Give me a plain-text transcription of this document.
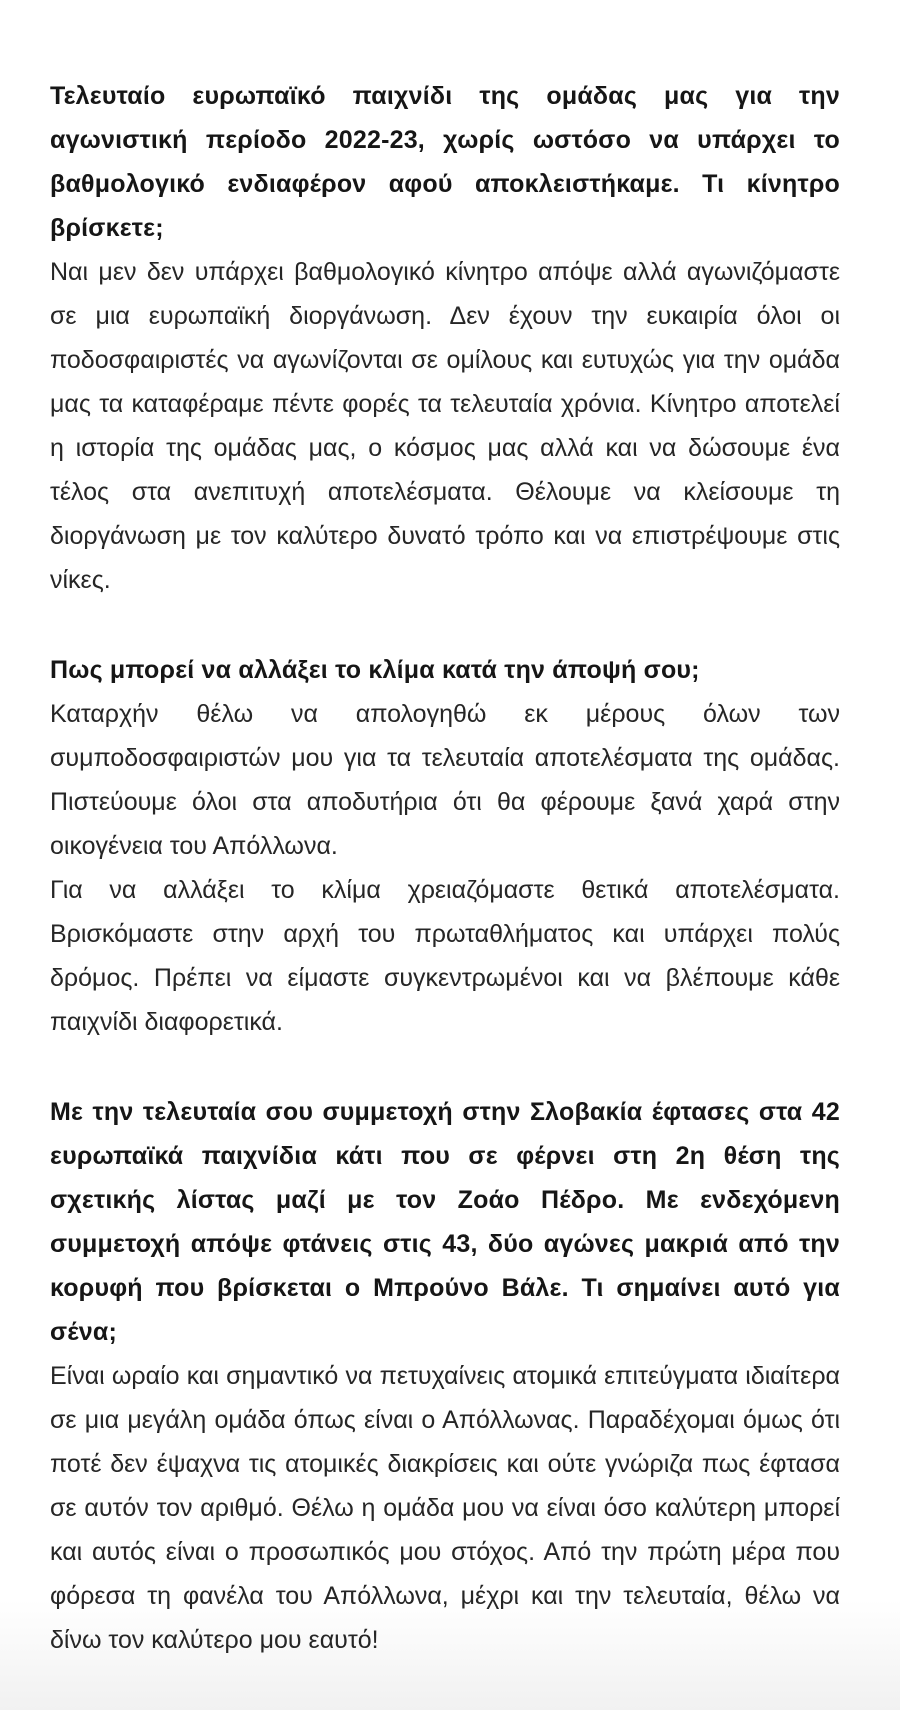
Τελευταίο ευρωπαϊκό παιχνίδι της ομάδας μας για την αγωνιστική περίοδο 2022-23, χωρίς ωστόσο να υπάρχει το βαθμολογικό ενδιαφέρον αφού αποκλειστήκαμε. Τι κίνητρο βρίσκετε;

Ναι μεν δεν υπάρχει βαθμολογικό κίνητρο απόψε αλλά αγωνιζόμαστε σε μια ευρωπαϊκή διοργάνωση. Δεν έχουν την ευκαιρία όλοι οι ποδοσφαιριστές να αγωνίζονται σε ομίλους και ευτυχώς για την ομάδα μας τα καταφέραμε πέντε φορές τα τελευταία χρόνια. Κίνητρο αποτελεί η ιστορία της ομάδας μας, ο κόσμος μας αλλά και να δώσουμε ένα τέλος στα ανεπιτυχή αποτελέσματα. Θέλουμε να κλείσουμε τη διοργάνωση με τον καλύτερο δυνατό τρόπο και να επιστρέψουμε στις νίκες.

Πως μπορεί να αλλάξει το κλίμα κατά την άποψή σου;

Καταρχήν θέλω να απολογηθώ εκ μέρους όλων των συμποδοσφαιριστών μου για τα τελευταία αποτελέσματα της ομάδας. Πιστεύουμε όλοι στα αποδυτήρια ότι θα φέρουμε ξανά χαρά στην οικογένεια του Απόλλωνα.

Για να αλλάξει το κλίμα χρειαζόμαστε θετικά αποτελέσματα. Βρισκόμαστε στην αρχή του πρωταθλήματος και υπάρχει πολύς δρόμος. Πρέπει να είμαστε συγκεντρωμένοι και να βλέπουμε κάθε παιχνίδι διαφορετικά.

Με την τελευταία σου συμμετοχή στην Σλοβακία έφτασες στα 42 ευρωπαϊκά παιχνίδια κάτι που σε φέρνει στη 2η θέση της σχετικής λίστας μαζί με τον Ζοάο Πέδρο. Με ενδεχόμενη συμμετοχή απόψε φτάνεις στις 43, δύο αγώνες μακριά από την κορυφή που βρίσκεται ο Μπρούνο Βάλε. Τι σημαίνει αυτό για σένα;

Είναι ωραίο και σημαντικό να πετυχαίνεις ατομικά επιτεύγματα ιδιαίτερα σε μια μεγάλη ομάδα όπως είναι ο Απόλλωνας. Παραδέχομαι όμως ότι ποτέ δεν έψαχνα τις ατομικές διακρίσεις και ούτε γνώριζα πως έφτασα σε αυτόν τον αριθμό. Θέλω η ομάδα μου να είναι όσο καλύτερη μπορεί και αυτός είναι ο προσωπικός μου στόχος. Από την πρώτη μέρα που φόρεσα τη φανέλα του Απόλλωνα, μέχρι και την τελευταία, θέλω να δίνω τον καλύτερο μου εαυτό!
